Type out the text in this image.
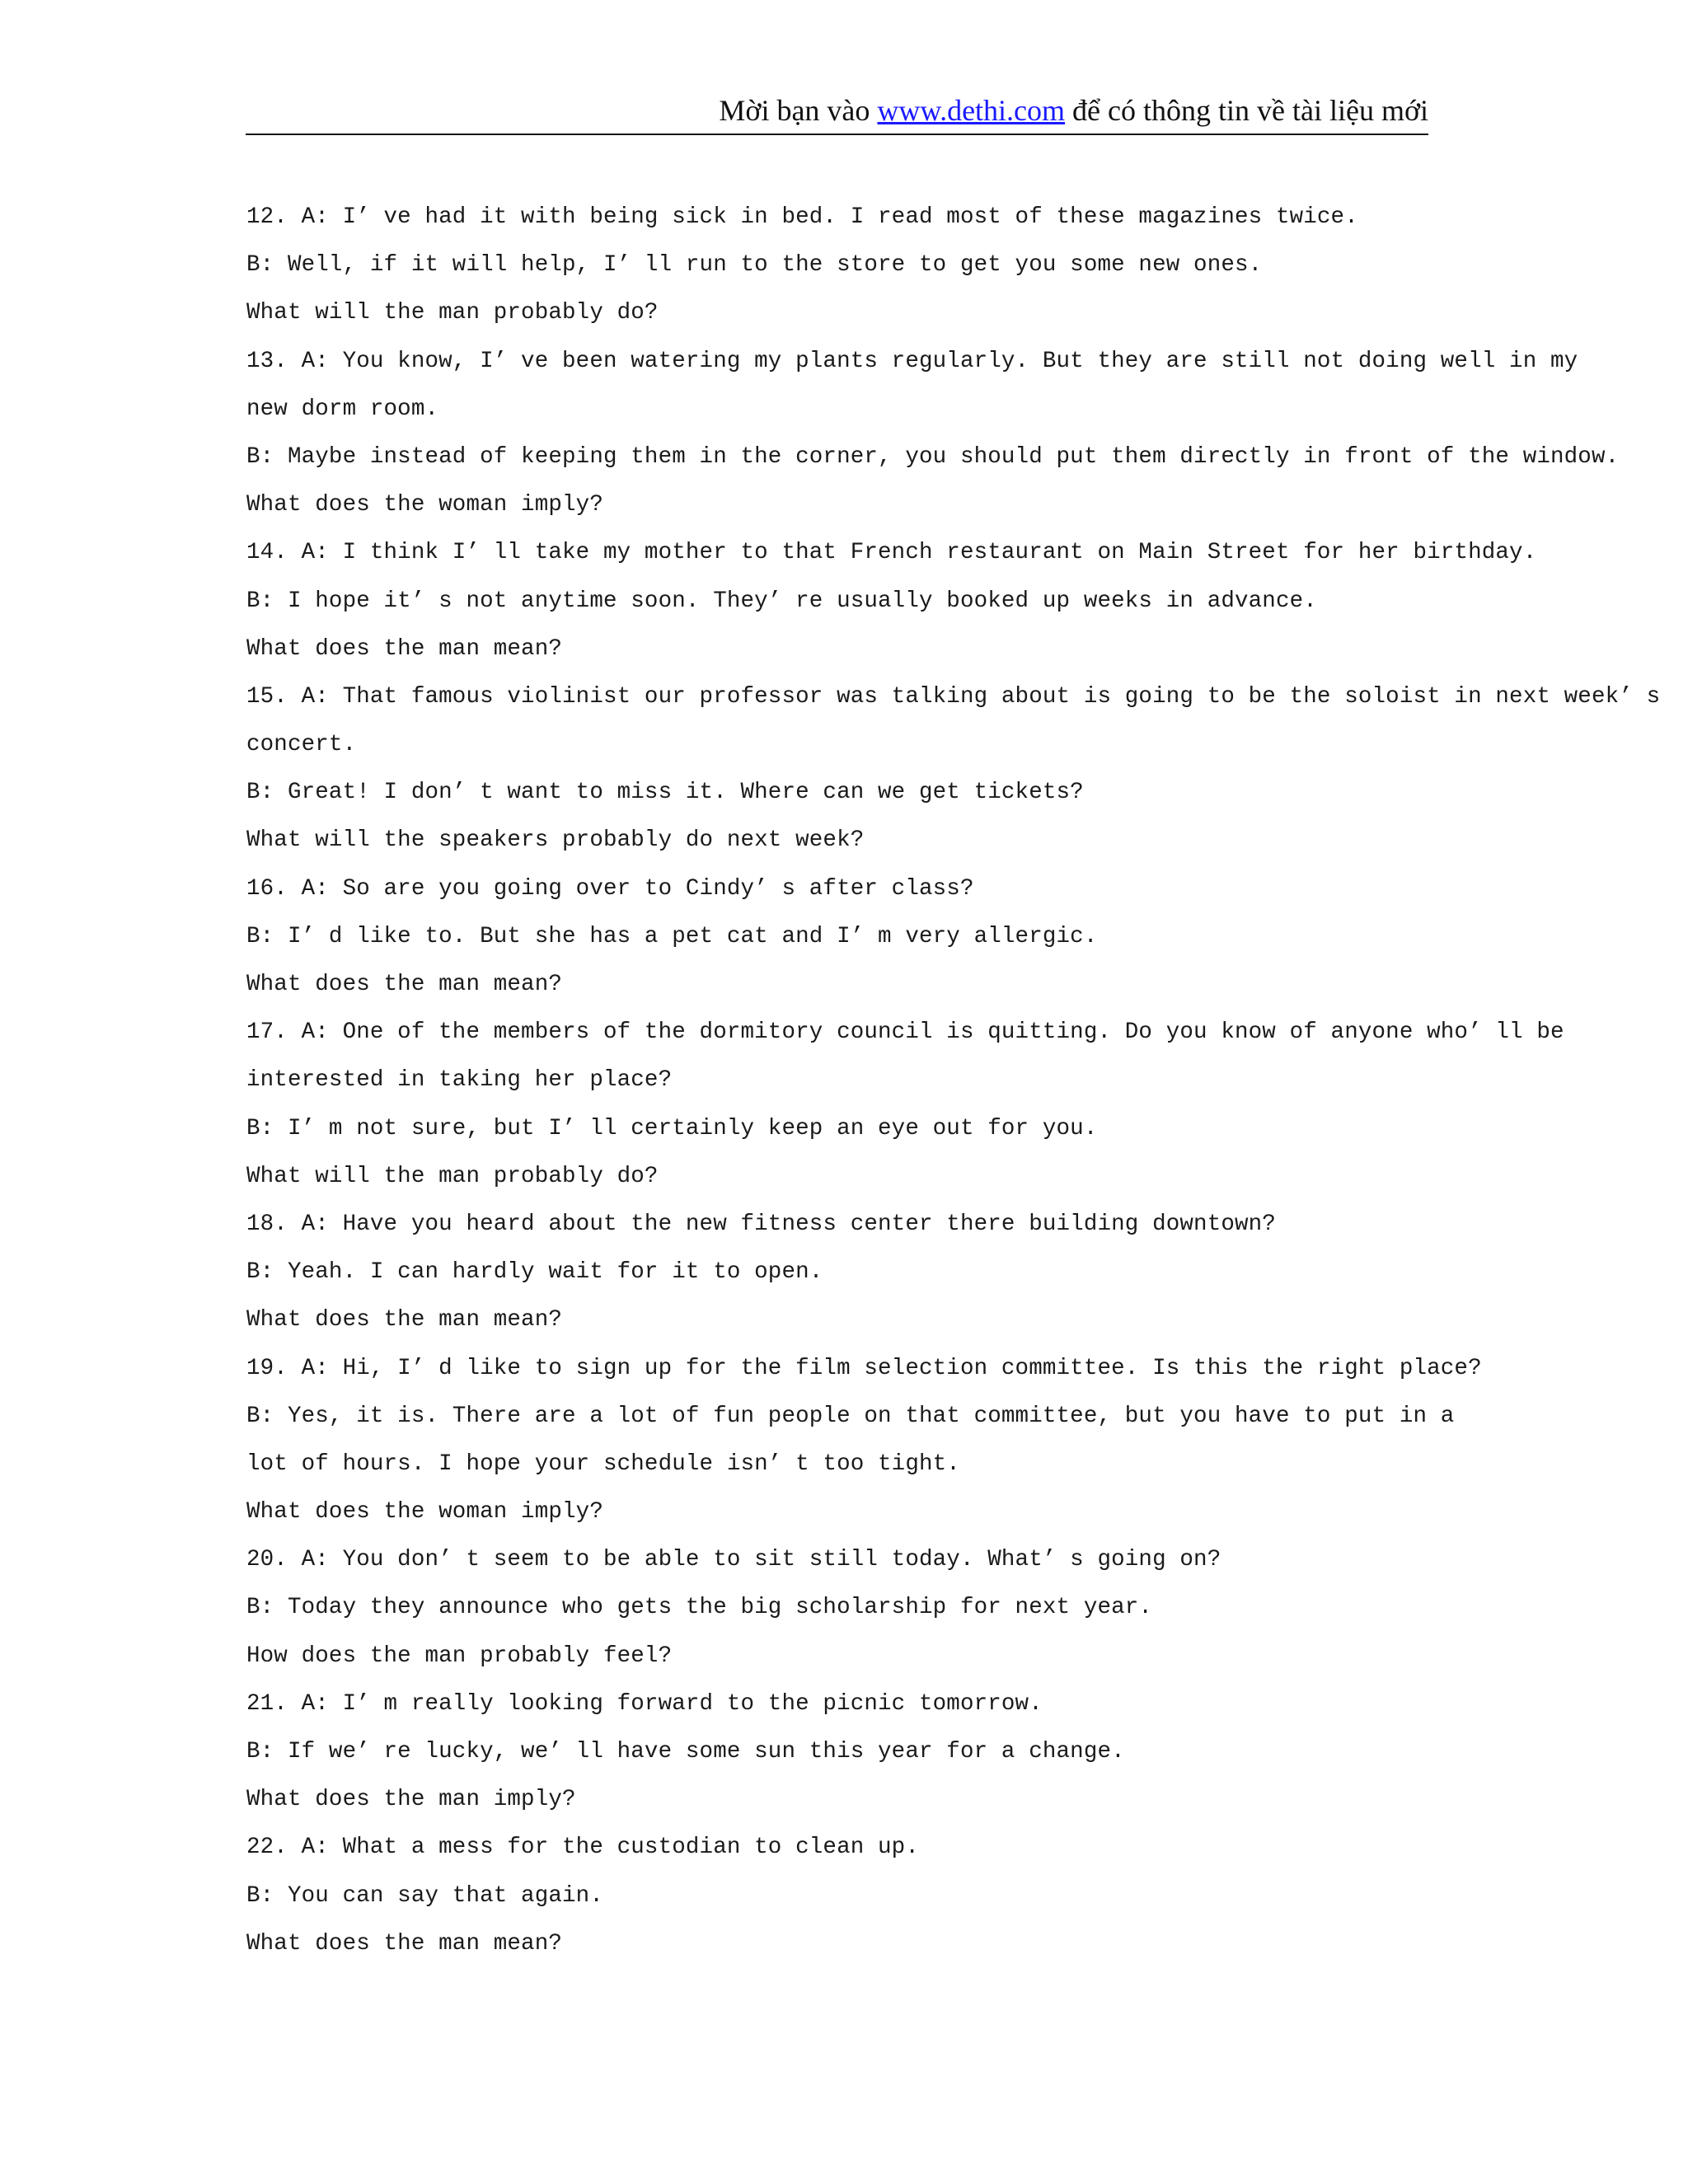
Mời bạn vào www.dethi.com để có thông tin về tài liệu mới
12. A: I’ ve had it with being sick in bed. I read most of these magazines twice.
B: Well, if it will help, I’ ll run to the store to get you some new ones.
What will the man probably do?
13. A: You know, I’ ve been watering my plants regularly. But they are still not doing well in my
new dorm room.
B: Maybe instead of keeping them in the corner, you should put them directly in front of the window.
What does the woman imply?
14. A: I think I’ ll take my mother to that French restaurant on Main Street for her birthday.
B: I hope it’ s not anytime soon. They’ re usually booked up weeks in advance.
What does the man mean?
15. A: That famous violinist our professor was talking about is going to be the soloist in next week’ s
concert.
B: Great! I don’ t want to miss it. Where can we get tickets?
What will the speakers probably do next week?
16. A: So are you going over to Cindy’ s after class?
B: I’ d like to. But she has a pet cat and I’ m very allergic.
What does the man mean?
17. A: One of the members of the dormitory council is quitting. Do you know of anyone who’ ll be
interested in taking her place?
B: I’ m not sure, but I’ ll certainly keep an eye out for you.
What will the man probably do?
18. A: Have you heard about the new fitness center there building downtown?
B: Yeah. I can hardly wait for it to open.
What does the man mean?
19. A: Hi, I’ d like to sign up for the film selection committee. Is this the right place?
B: Yes, it is. There are a lot of fun people on that committee, but you have to put in a
lot of hours. I hope your schedule isn’ t too tight.
What does the woman imply?
20. A: You don’ t seem to be able to sit still today. What’ s going on?
B: Today they announce who gets the big scholarship for next year.
How does the man probably feel?
21. A: I’ m really looking forward to the picnic tomorrow.
B: If we’ re lucky, we’ ll have some sun this year for a change.
What does the man imply?
22. A: What a mess for the custodian to clean up.
B: You can say that again.
What does the man mean?
